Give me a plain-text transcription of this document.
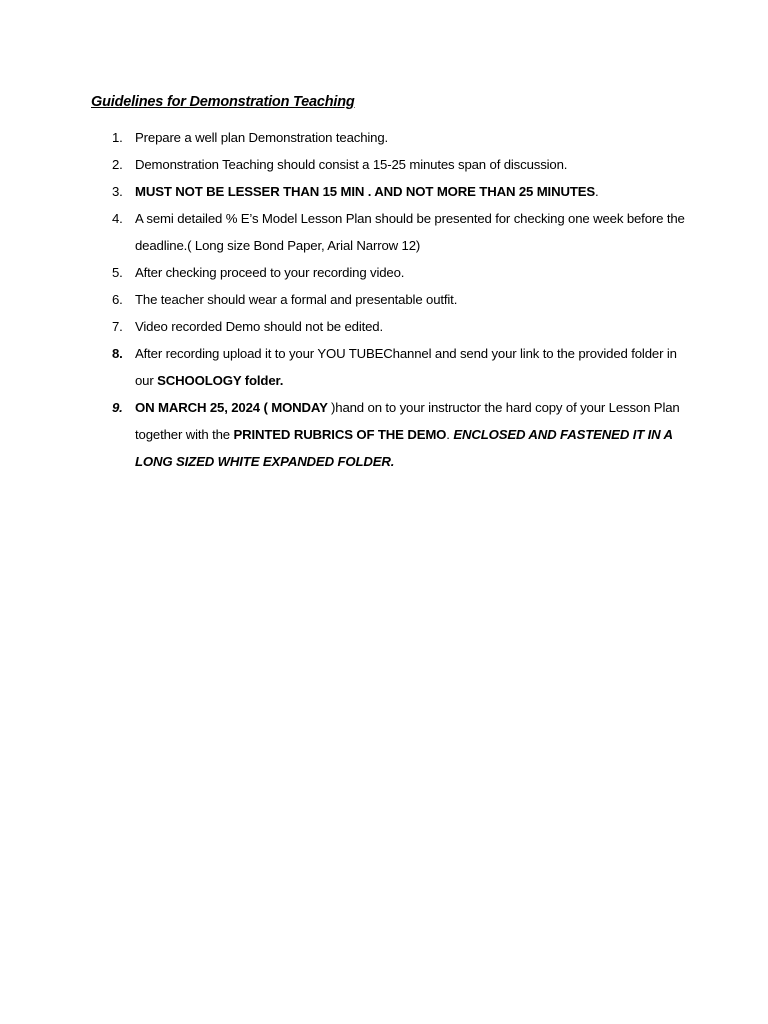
Guidelines for Demonstration Teaching
1. Prepare a well plan Demonstration teaching.
2. Demonstration Teaching should consist a 15-25 minutes span of discussion.
3. MUST NOT BE LESSER THAN 15 MIN . AND NOT MORE THAN 25 MINUTES.
4. A semi detailed % E’s Model Lesson Plan should be presented for checking one week before the
deadline.( Long size Bond Paper, Arial Narrow 12)
5. After checking proceed to your recording video.
6. The teacher should wear a formal and presentable outfit.
7. Video recorded Demo should not be edited.
8. After recording upload it to your YOU TUBEChannel and send your link to the provided folder in
our SCHOOLOGY folder.
9. ON MARCH 25, 2024 ( MONDAY )hand on to your instructor the hard copy of your Lesson Plan
together with the PRINTED RUBRICS OF THE DEMO. ENCLOSED AND FASTENED IT IN A
LONG SIZED WHITE EXPANDED FOLDER.
